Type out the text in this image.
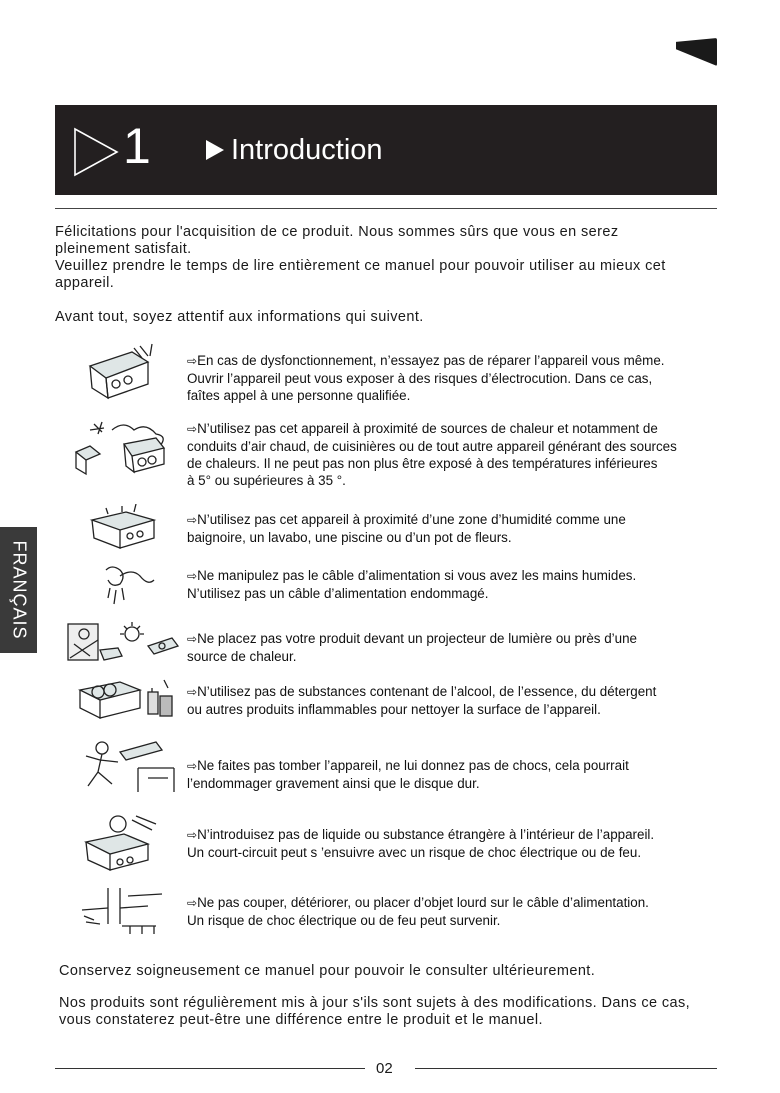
1	Introduction

Félicitations pour l'acquisition de ce produit. Nous sommes sûrs que vous en serez

pleinement satisfait.

Veuillez prendre le temps de lire entièrement ce manuel pour pouvoir utiliser au mieux cet

appareil.

Avant tout, soyez attentif aux informations qui suivent.

FRANÇAIS
⇨En cas de dysfonctionnement, n’essayez pas de réparer l’appareil vous même.
Ouvrir l’appareil peut vous exposer à des risques d’électrocution. Dans ce cas,
faîtes appel à une personne qualifiée.
⇨N’utilisez pas cet appareil à proximité de sources de chaleur et notamment de
conduits d’air chaud, de cuisinières ou de tout autre appareil générant des sources
de chaleurs. Il ne peut pas non plus être exposé à des températures inférieures
à 5° ou supérieures à 35 °.
⇨N’utilisez pas cet appareil à proximité d’une zone d’humidité comme une
baignoire, un lavabo, une piscine ou d’un pot de fleurs.
⇨Ne manipulez pas le câble d’alimentation si vous avez les mains humides.
N’utilisez pas un câble d’alimentation endommagé.
⇨Ne placez pas votre produit devant un projecteur de lumière ou près d’une
source de chaleur.
⇨N’utilisez pas de substances contenant de l’alcool, de l’essence, du détergent
ou autres produits inflammables pour nettoyer la surface de l’appareil.
⇨Ne faites pas tomber l’appareil, ne lui donnez pas de chocs, cela pourrait
l’endommager gravement ainsi que le disque dur.
⇨N’introduisez pas de liquide ou substance étrangère à l’intérieur de l’appareil.
Un court-circuit peut s ’ensuivre avec un risque de choc électrique ou de feu.
⇨Ne pas couper, détériorer, ou placer d’objet lourd sur le câble d’alimentation.
Un risque de choc électrique ou de feu peut survenir.
Conservez soigneusement ce manuel pour pouvoir le consulter ultérieurement.
Nos produits sont régulièrement mis à jour s'ils sont sujets à des modifications. Dans ce cas,
vous constaterez peut-être une différence entre le produit et le manuel.
02
